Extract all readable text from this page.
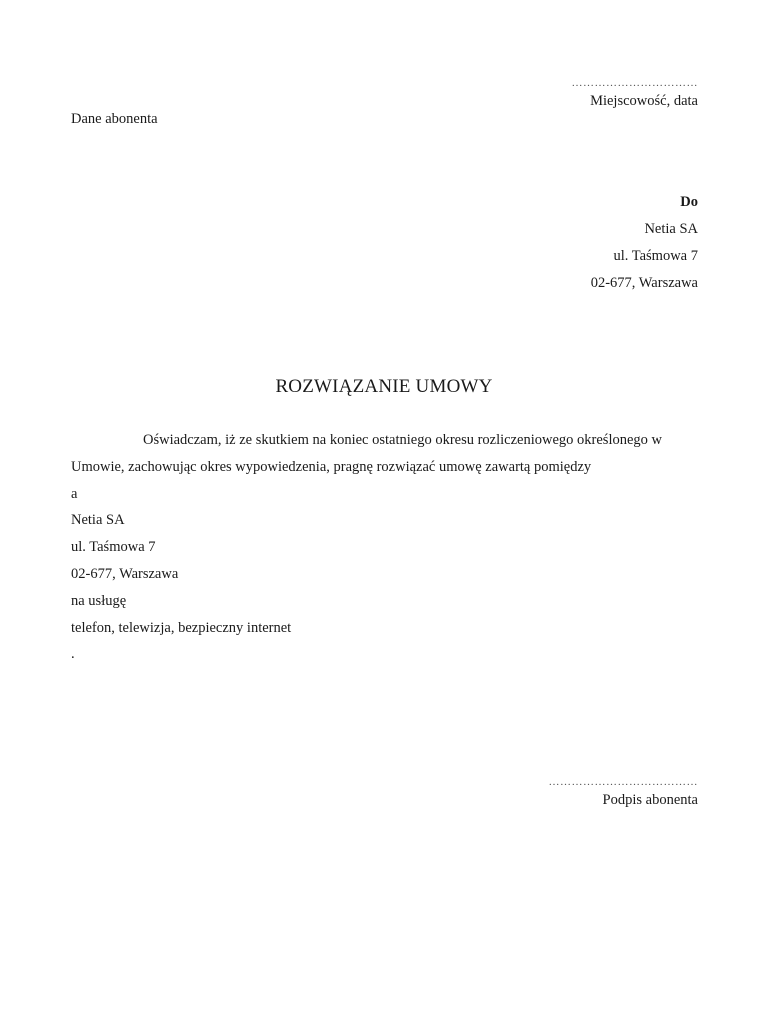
……………………………
Miejscowość, data
Dane abonenta
Do
Netia SA
ul. Taśmowa 7
02-677, Warszawa
ROZWIĄZANIE UMOWY
Oświadczam, iż ze skutkiem na koniec ostatniego okresu rozliczeniowego określonego w
Umowie, zachowując okres wypowiedzenia, pragnę rozwiązać umowę zawartą pomiędzy
a
Netia SA
ul. Taśmowa 7
02-677, Warszawa
na usługę
telefon, telewizja, bezpieczny internet
.
…………………………………
Podpis abonenta
